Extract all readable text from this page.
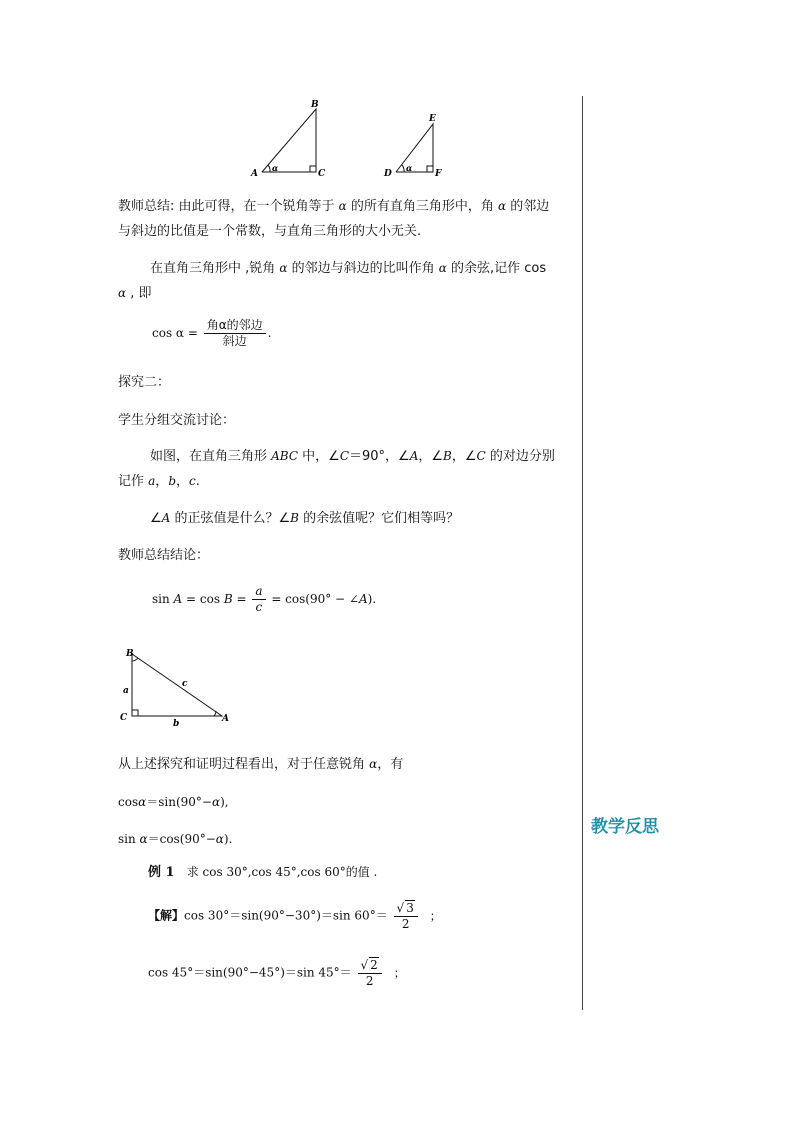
A
B
C
α
D
E
F
α
教师总结: 由此可得，在一个锐角等于 α 的所有直角三角形中，角 α 的邻边
与斜边的比值是一个常数，与直角三角形的大小无关.
在直角三角形中 ,锐角 α 的邻边与斜边的比叫作角 α 的余弦,记作 cos
α , 即
$\cos \alpha = \frac{\text{角α的邻边}}{\text{斜边}}$ .
探究二：
学生分组交流讨论：
如图，在直角三角形 ABC 中，∠C＝90°，∠A，∠B，∠C 的对边分别
记作 a，b，c.
∠A 的正弦值是什么？∠B 的余弦值呢？它们相等吗？
教师总结结论：
$\sin A = \cos B = \frac{a}{c} = \cos(90^\circ$ − ∠A).
B
a
c
C
b	A
从上述探究和证明过程看出，对于任意锐角 α，有
cosα＝sin(90°−α),
sin α＝cos(90°−α).
例 1 求 cos 30°,cos 45°,cos 60°的值 .
【解】cos 30°＝sin(90°−30°)＝sin $60^\circ= \frac{√ 3}{2}$ ；
cos 45°＝sin(90°−45°)＝sin $45^\circ= \frac{√ 2}{2}$ ；
教学反思
